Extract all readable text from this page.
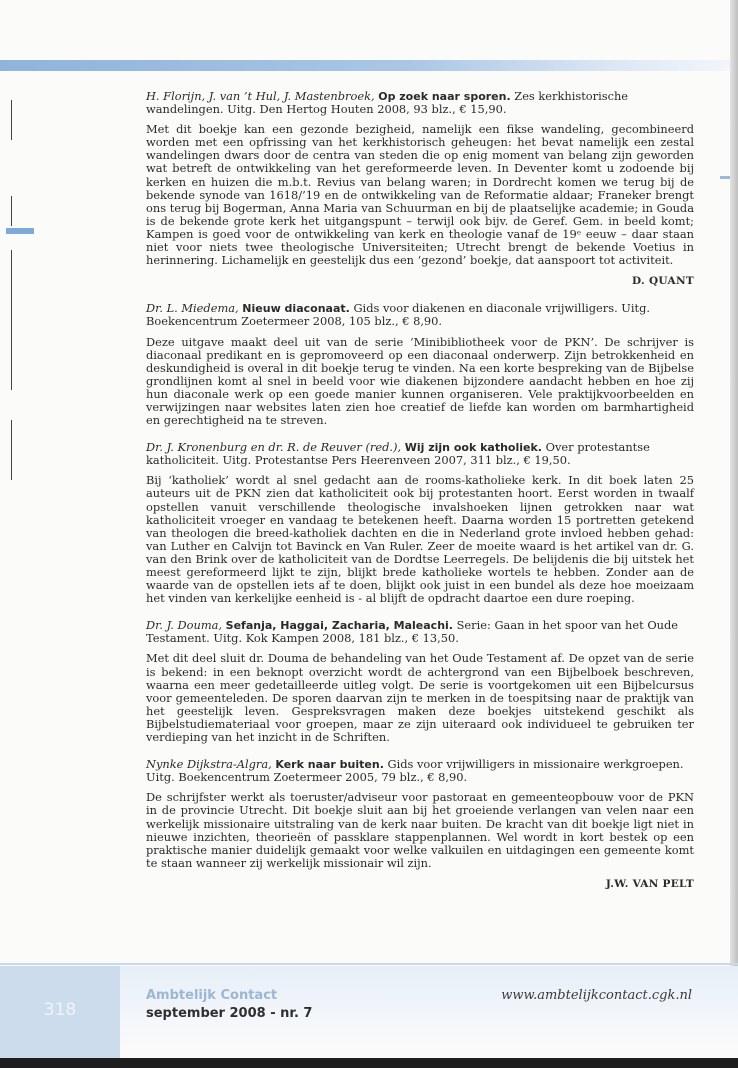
H. Florijn, J. van ’t Hul, J. Mastenbroek, Op zoek naar sporen. Zes kerkhistorische wandelingen. Uitg. Den Hertog Houten 2008, 93 blz., € 15,90.

Met dit boekje kan een gezonde bezigheid, namelijk een fikse wandeling, gecombineerd worden met een opfrissing van het kerkhistorisch geheugen: het bevat namelijk een zestal wandelingen dwars door de centra van steden die op enig moment van belang zijn geworden wat betreft de ontwikkeling van het gereformeerde leven. In Deventer komt u zodoende bij kerken en huizen die m.b.t. Revius van belang waren; in Dordrecht komen we terug bij de bekende synode van 1618/’19 en de ontwikkeling van de Reformatie aldaar; Franeker brengt ons terug bij Bogerman, Anna Maria van Schuurman en bij de plaatselijke academie; in Gouda is de bekende grote kerk het uitgangspunt – terwijl ook bijv. de Geref. Gem. in beeld komt; Kampen is goed voor de ontwikkeling van kerk en theologie vanaf de 19ᵉ eeuw – daar staan niet voor niets twee theologische Universiteiten; Utrecht brengt de bekende Voetius in herinnering. Lichamelijk en geestelijk dus een ‘gezond’ boekje, dat aanspoort tot activiteit.

D. QUANT

Dr. L. Miedema, Nieuw diaconaat. Gids voor diakenen en diaconale vrijwilligers. Uitg. Boekencentrum Zoetermeer 2008, 105 blz., € 8,90.

Deze uitgave maakt deel uit van de serie ‘Minibibliotheek voor de PKN’. De schrijver is diaconaal predikant en is gepromoveerd op een diaconaal onderwerp. Zijn betrokkenheid en deskundigheid is overal in dit boekje terug te vinden. Na een korte bespreking van de Bijbelse grondlijnen komt al snel in beeld voor wie diakenen bijzondere aandacht hebben en hoe zij hun diaconale werk op een goede manier kunnen organiseren. Vele praktijkvoorbeelden en verwijzingen naar websites laten zien hoe creatief de liefde kan worden om barmhartigheid en gerechtigheid na te streven.

Dr. J. Kronenburg en dr. R. de Reuver (red.), Wij zijn ook katholiek. Over protestantse katholiciteit. Uitg. Protestantse Pers Heerenveen 2007, 311 blz., € 19,50.

Bij ‘katholiek’ wordt al snel gedacht aan de rooms-katholieke kerk. In dit boek laten 25 auteurs uit de PKN zien dat katholiciteit ook bij protestanten hoort. Eerst worden in twaalf opstellen vanuit verschillende theologische invalshoeken lijnen getrokken naar wat katholiciteit vroeger en vandaag te betekenen heeft. Daarna worden 15 portretten getekend van theologen die breed-katholiek dachten en die in Nederland grote invloed hebben gehad: van Luther en Calvijn tot Bavinck en Van Ruler. Zeer de moeite waard is het artikel van dr. G. van den Brink over de katholiciteit van de Dordtse Leerregels. De belijdenis die bij uitstek het meest gereformeerd lijkt te zijn, blijkt brede katholieke wortels te hebben. Zonder aan de waarde van de opstellen iets af te doen, blijkt ook juist in een bundel als deze hoe moeizaam het vinden van kerkelijke eenheid is - al blijft de opdracht daartoe een dure roeping.

Dr. J. Douma, Sefanja, Haggai, Zacharia, Maleachi. Serie: Gaan in het spoor van het Oude Testament. Uitg. Kok Kampen 2008, 181 blz., € 13,50.

Met dit deel sluit dr. Douma de behandeling van het Oude Testament af. De opzet van de serie is bekend: in een beknopt overzicht wordt de achtergrond van een Bijbelboek beschreven, waarna een meer gedetailleerde uitleg volgt. De serie is voortgekomen uit een Bijbelcursus voor gemeenteleden. De sporen daarvan zijn te merken in de toespitsing naar de praktijk van het geestelijk leven. Gespreksvragen maken deze boekjes uitstekend geschikt als Bijbelstudiemateriaal voor groepen, maar ze zijn uiteraard ook individueel te gebruiken ter verdieping van het inzicht in de Schriften.

Nynke Dijkstra-Algra, Kerk naar buiten. Gids voor vrijwilligers in missionaire werkgroepen. Uitg. Boekencentrum Zoetermeer 2005, 79 blz., € 8,90.

De schrijfster werkt als toeruster/adviseur voor pastoraat en gemeenteopbouw voor de PKN in de provincie Utrecht. Dit boekje sluit aan bij het groeiende verlangen van velen naar een werkelijk missionaire uitstraling van de kerk naar buiten. De kracht van dit boekje ligt niet in nieuwe inzichten, theorieën of passklare stappenplannen. Wel wordt in kort bestek op een praktische manier duidelijk gemaakt voor welke valkuilen en uitdagingen een gemeente komt te staan wanneer zij werkelijk missionair wil zijn.

J.W. VAN PELT

318
Ambtelijk Contact
september 2008 - nr. 7
www.ambtelijkcontact.cgk.nl
